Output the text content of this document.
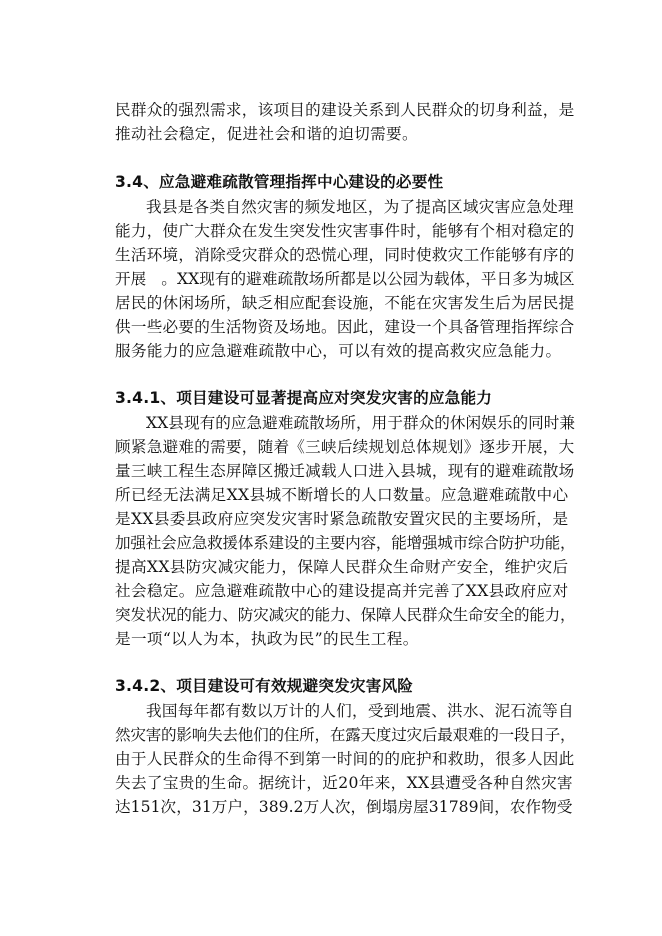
民群众的强烈需求，该项目的建设关系到人民群众的切身利益，是
推动社会稳定，促进社会和谐的迫切需要。
3.4、应急避难疏散管理指挥中心建设的必要性
我县是各类自然灾害的频发地区，为了提高区域灾害应急处理
能力，使广大群众在发生突发性灾害事件时，能够有个相对稳定的
生活环境，消除受灾群众的恐慌心理，同时使救灾工作能够有序的
开展   。XX现有的避难疏散场所都是以公园为载体，平日多为城区
居民的休闲场所，缺乏相应配套设施，不能在灾害发生后为居民提
供一些必要的生活物资及场地。因此，建设一个具备管理指挥综合
服务能力的应急避难疏散中心，可以有效的提高救灾应急能力。
3.4.1、项目建设可显著提高应对突发灾害的应急能力
XX县现有的应急避难疏散场所，用于群众的休闲娱乐的同时兼
顾紧急避难的需要，随着《三峡后续规划总体规划》逐步开展，大
量三峡工程生态屏障区搬迁减载人口进入县城，现有的避难疏散场
所已经无法满足XX县城不断增长的人口数量。应急避难疏散中心
是XX县委县政府应突发灾害时紧急疏散安置灾民的主要场所，是
加强社会应急救援体系建设的主要内容，能增强城市综合防护功能，
提高XX县防灾减灾能力，保障人民群众生命财产安全，维护灾后
社会稳定。应急避难疏散中心的建设提高并完善了XX县政府应对
突发状况的能力、防灾减灾的能力、保障人民群众生命安全的能力，
是一项“以人为本，执政为民”的民生工程。
3.4.2、项目建设可有效规避突发灾害风险
我国每年都有数以万计的人们，受到地震、洪水、泥石流等自
然灾害的影响失去他们的住所，在露天度过灾后最艰难的一段日子，
由于人民群众的生命得不到第一时间的的庇护和救助，很多人因此
失去了宝贵的生命。据统计，近20年来，XX县遭受各种自然灾害
达151次，31万户，389.2万人次，倒塌房屋31789间，农作物受
